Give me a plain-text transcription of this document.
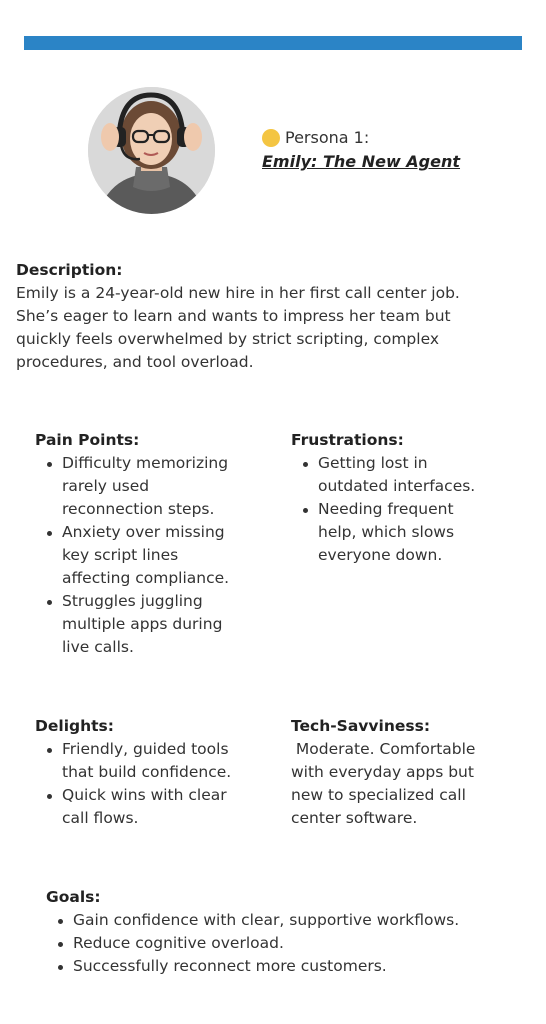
Persona 1:
Emily: The New Agent
Description:
Emily is a 24-year-old new hire in her first call center job.
She’s eager to learn and wants to impress her team but
quickly feels overwhelmed by strict scripting, complex
procedures, and tool overload.
Pain Points:
Difficulty memorizing
rarely used
reconnection steps.
Anxiety over missing
key script lines
affecting compliance.
Struggles juggling
multiple apps during
live calls.
Frustrations:
Getting lost in
outdated interfaces.
Needing frequent
help, which slows
everyone down.
Delights:
Friendly, guided tools
that build confidence.
Quick wins with clear
call flows.
Tech-Savviness:
Moderate. Comfortable
with everyday apps but
new to specialized call
center software.
Goals:
Gain confidence with clear, supportive workflows.
Reduce cognitive overload.
Successfully reconnect more customers.
